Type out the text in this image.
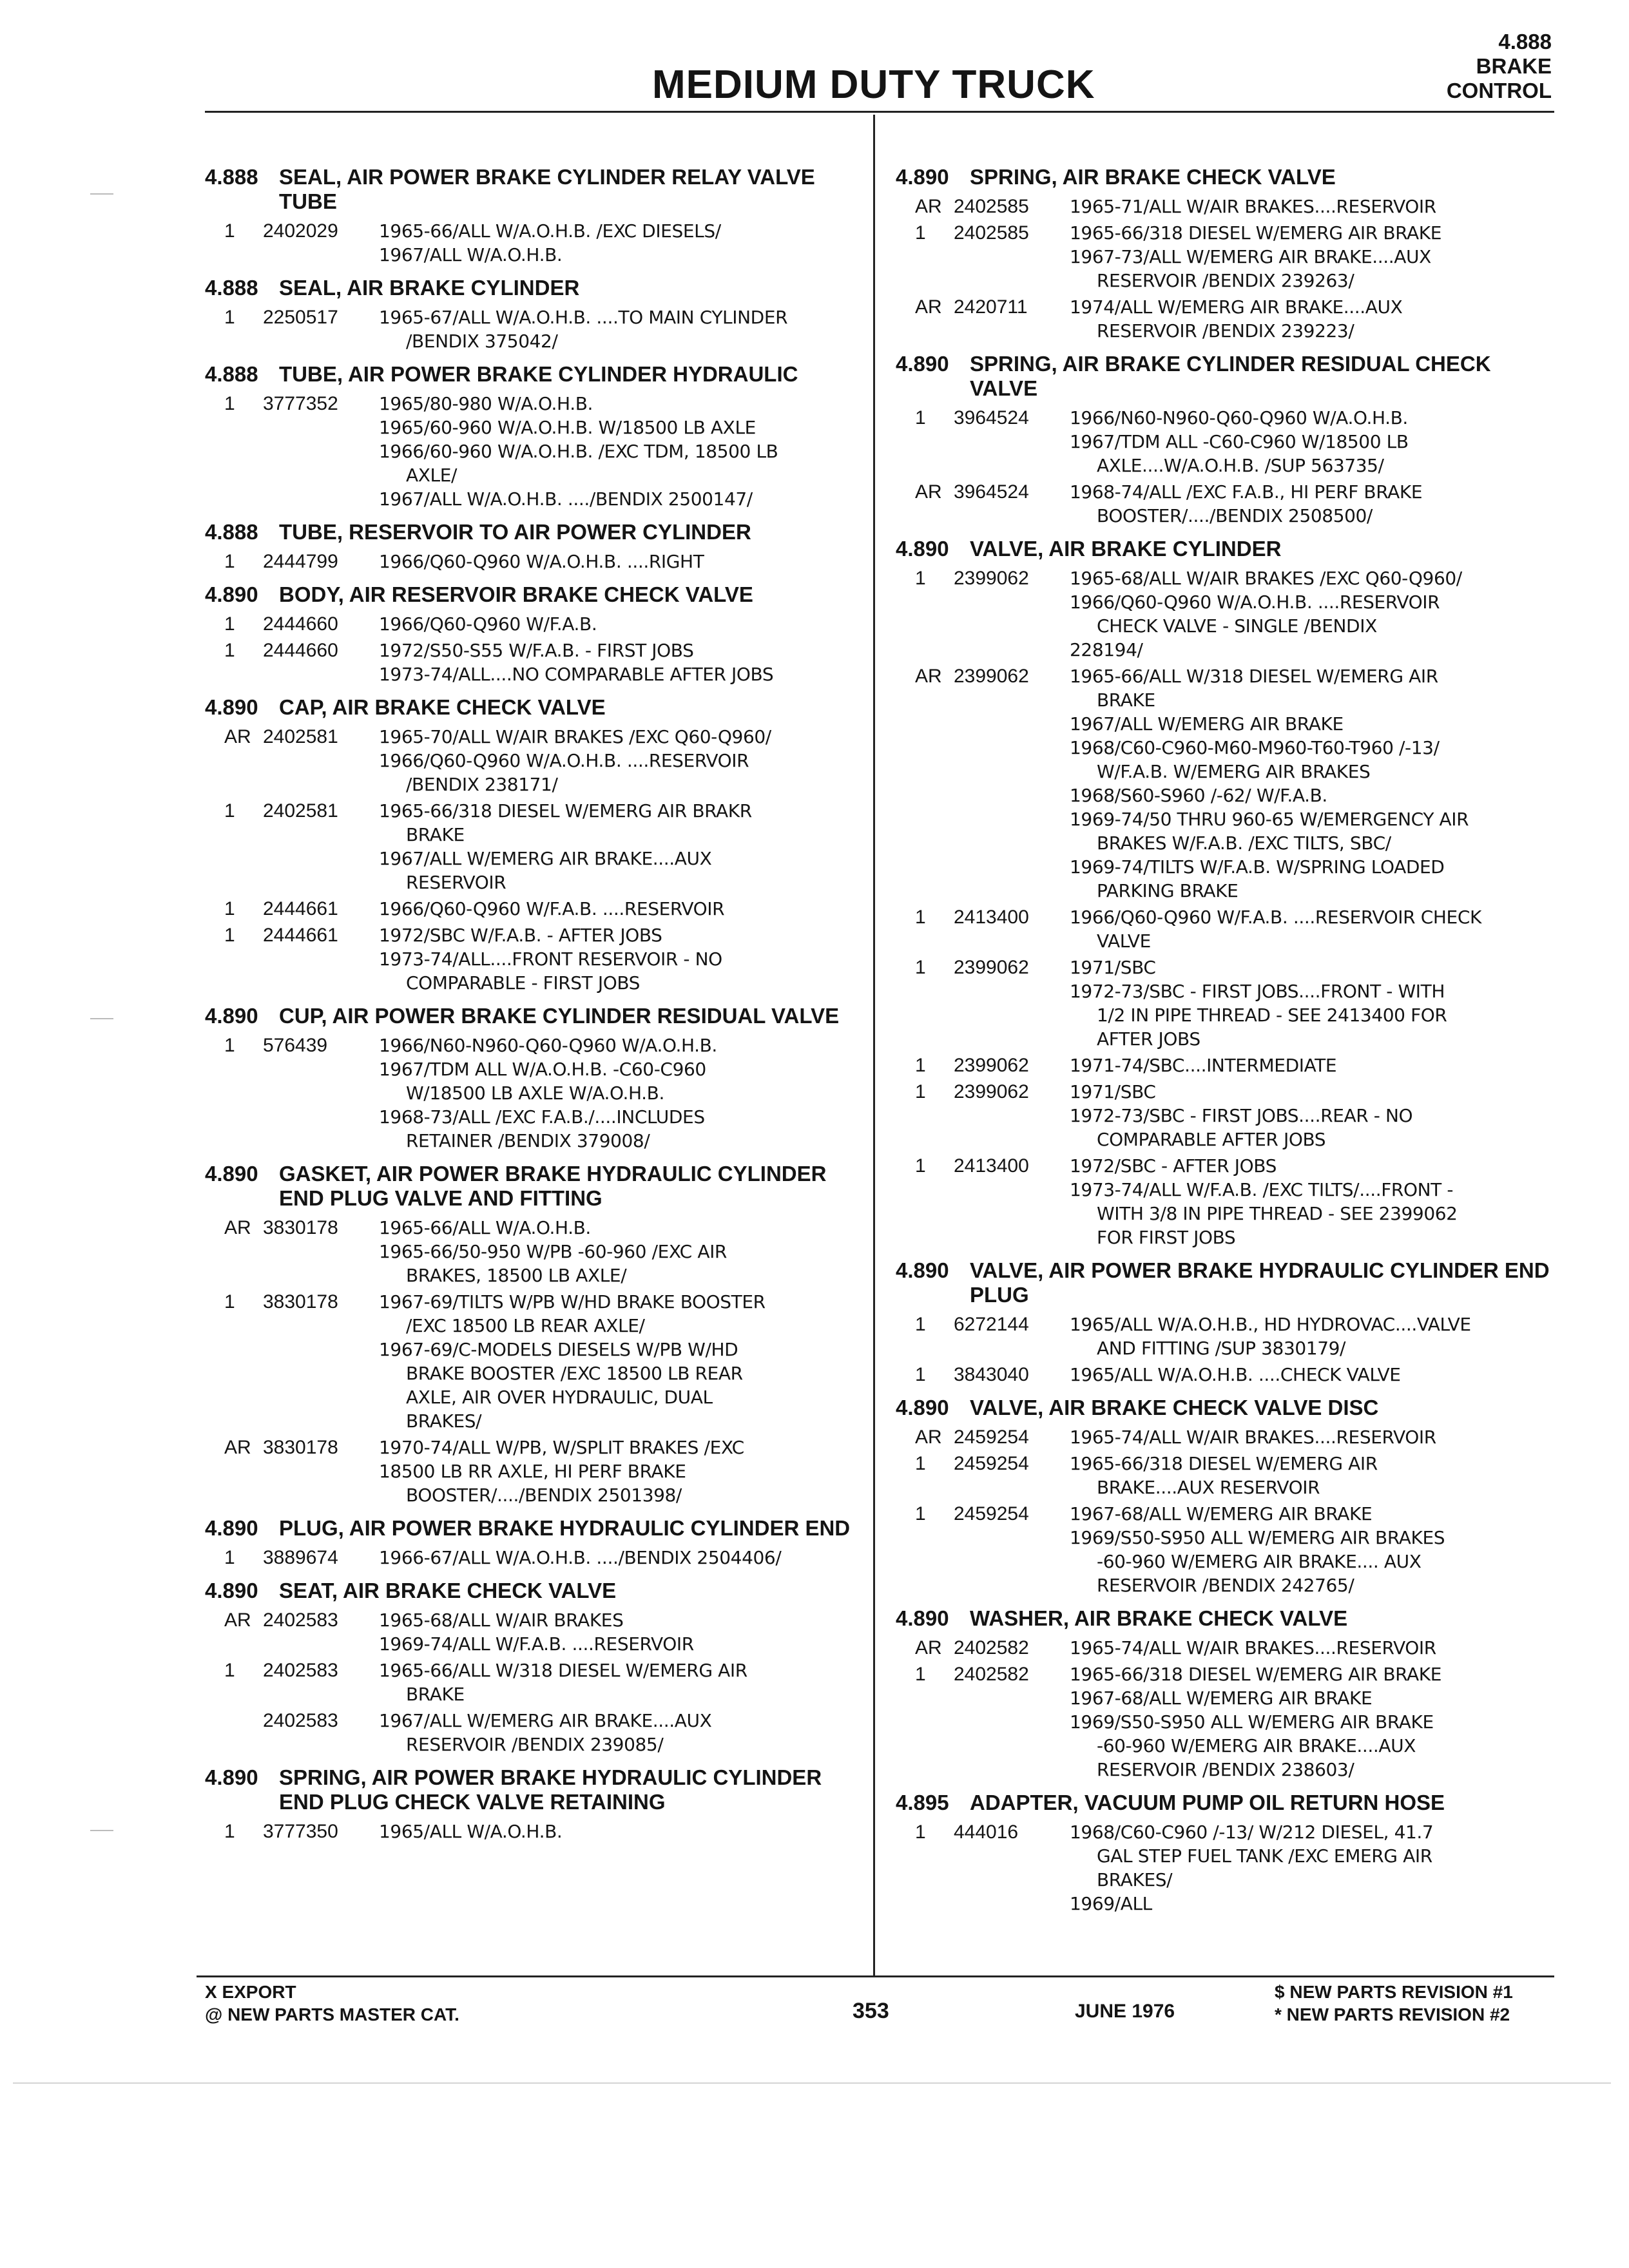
MEDIUM DUTY TRUCK
4.888
BRAKE
CONTROL
4.888 SEAL, AIR POWER BRAKE CYLINDER RELAY VALVE TUBE
1	2402029	1965-66/ALL W/A.O.H.B. /EXC DIESELS/
1967/ALL W/A.O.H.B.
4.888 SEAL, AIR BRAKE CYLINDER
1	2250517	1965-67/ALL W/A.O.H.B. ....TO MAIN CYLINDER
/BENDIX 375042/
4.888 TUBE, AIR POWER BRAKE CYLINDER HYDRAULIC
1	3777352	1965/80-980 W/A.O.H.B.
1965/60-960 W/A.O.H.B. W/18500 LB AXLE
1966/60-960 W/A.O.H.B. /EXC TDM, 18500 LB
AXLE/
1967/ALL W/A.O.H.B. ..../BENDIX 2500147/
4.888 TUBE, RESERVOIR TO AIR POWER CYLINDER
1	2444799	1966/Q60-Q960 W/A.O.H.B. ....RIGHT
4.890 BODY, AIR RESERVOIR BRAKE CHECK VALVE
1	2444660	1966/Q60-Q960 W/F.A.B.
1	2444660	1972/S50-S55 W/F.A.B. - FIRST JOBS
1973-74/ALL....NO COMPARABLE AFTER JOBS
4.890 CAP, AIR BRAKE CHECK VALVE
AR 2402581	1965-70/ALL W/AIR BRAKES /EXC Q60-Q960/
1966/Q60-Q960 W/A.O.H.B. ....RESERVOIR
/BENDIX 238171/
1	2402581	1965-66/318 DIESEL W/EMERG AIR BRAKR
BRAKE
1967/ALL W/EMERG AIR BRAKE....AUX
RESERVOIR
1	2444661	1966/Q60-Q960 W/F.A.B. ....RESERVOIR
1	2444661	1972/SBC W/F.A.B. - AFTER JOBS
1973-74/ALL....FRONT RESERVOIR - NO
COMPARABLE - FIRST JOBS
4.890 CUP, AIR POWER BRAKE CYLINDER RESIDUAL VALVE
1	576439	1966/N60-N960-Q60-Q960 W/A.O.H.B.
1967/TDM ALL W/A.O.H.B. -C60-C960
W/18500 LB AXLE W/A.O.H.B.
1968-73/ALL /EXC F.A.B./....INCLUDES
RETAINER /BENDIX 379008/
4.890 GASKET, AIR POWER BRAKE HYDRAULIC CYLINDER END PLUG VALVE AND FITTING
AR 3830178	1965-66/ALL W/A.O.H.B.
1965-66/50-950 W/PB -60-960 /EXC AIR
BRAKES, 18500 LB AXLE/
1	3830178	1967-69/TILTS W/PB W/HD BRAKE BOOSTER
/EXC 18500 LB REAR AXLE/
1967-69/C-MODELS DIESELS W/PB W/HD
BRAKE BOOSTER /EXC 18500 LB REAR
AXLE, AIR OVER HYDRAULIC, DUAL
BRAKES/
AR 3830178	1970-74/ALL W/PB, W/SPLIT BRAKES /EXC
18500 LB RR AXLE, HI PERF BRAKE
BOOSTER/..../BENDIX 2501398/
4.890 PLUG, AIR POWER BRAKE HYDRAULIC CYLINDER END
1	3889674	1966-67/ALL W/A.O.H.B. ..../BENDIX 2504406/
4.890 SEAT, AIR BRAKE CHECK VALVE
AR 2402583	1965-68/ALL W/AIR BRAKES
1969-74/ALL W/F.A.B. ....RESERVOIR
1	2402583	1965-66/ALL W/318 DIESEL W/EMERG AIR
BRAKE
2402583	1967/ALL W/EMERG AIR BRAKE....AUX
RESERVOIR /BENDIX 239085/
4.890 SPRING, AIR POWER BRAKE HYDRAULIC CYLINDER END PLUG CHECK VALVE RETAINING
1	3777350	1965/ALL W/A.O.H.B.
4.890 SPRING, AIR BRAKE CHECK VALVE
AR 2402585	1965-71/ALL W/AIR BRAKES....RESERVOIR
1	2402585	1965-66/318 DIESEL W/EMERG AIR BRAKE
1967-73/ALL W/EMERG AIR BRAKE....AUX
RESERVOIR /BENDIX 239263/
AR 2420711	1974/ALL W/EMERG AIR BRAKE....AUX
RESERVOIR /BENDIX 239223/
4.890 SPRING, AIR BRAKE CYLINDER RESIDUAL CHECK VALVE
1	3964524	1966/N60-N960-Q60-Q960 W/A.O.H.B.
1967/TDM ALL -C60-C960 W/18500 LB
AXLE....W/A.O.H.B. /SUP 563735/
AR 3964524	1968-74/ALL /EXC F.A.B., HI PERF BRAKE
BOOSTER/..../BENDIX 2508500/
4.890 VALVE, AIR BRAKE CYLINDER
1	2399062	1965-68/ALL W/AIR BRAKES /EXC Q60-Q960/
1966/Q60-Q960 W/A.O.H.B. ....RESERVOIR
CHECK VALVE - SINGLE /BENDIX
228194/
AR 2399062	1965-66/ALL W/318 DIESEL W/EMERG AIR
BRAKE
1967/ALL W/EMERG AIR BRAKE
1968/C60-C960-M60-M960-T60-T960 /-13/
W/F.A.B. W/EMERG AIR BRAKES
1968/S60-S960 /-62/ W/F.A.B.
1969-74/50 THRU 960-65 W/EMERGENCY AIR
BRAKES W/F.A.B. /EXC TILTS, SBC/
1969-74/TILTS W/F.A.B. W/SPRING LOADED
PARKING BRAKE
1	2413400	1966/Q60-Q960 W/F.A.B. ....RESERVOIR CHECK
VALVE
1	2399062	1971/SBC
1972-73/SBC - FIRST JOBS....FRONT - WITH
1/2 IN PIPE THREAD - SEE 2413400 FOR
AFTER JOBS
1	2399062	1971-74/SBC....INTERMEDIATE
1	2399062	1971/SBC
1972-73/SBC - FIRST JOBS....REAR - NO
COMPARABLE AFTER JOBS
1	2413400	1972/SBC - AFTER JOBS
1973-74/ALL W/F.A.B. /EXC TILTS/....FRONT -
WITH 3/8 IN PIPE THREAD - SEE 2399062
FOR FIRST JOBS
4.890 VALVE, AIR POWER BRAKE HYDRAULIC CYLINDER END PLUG
1	6272144	1965/ALL W/A.O.H.B., HD HYDROVAC....VALVE
AND FITTING /SUP 3830179/
1	3843040	1965/ALL W/A.O.H.B. ....CHECK VALVE
4.890 VALVE, AIR BRAKE CHECK VALVE DISC
AR 2459254	1965-74/ALL W/AIR BRAKES....RESERVOIR
1	2459254	1965-66/318 DIESEL W/EMERG AIR
BRAKE....AUX RESERVOIR
1	2459254	1967-68/ALL W/EMERG AIR BRAKE
1969/S50-S950 ALL W/EMERG AIR BRAKES
-60-960 W/EMERG AIR BRAKE.... AUX
RESERVOIR /BENDIX 242765/
4.890 WASHER, AIR BRAKE CHECK VALVE
AR 2402582	1965-74/ALL W/AIR BRAKES....RESERVOIR
1	2402582	1965-66/318 DIESEL W/EMERG AIR BRAKE
1967-68/ALL W/EMERG AIR BRAKE
1969/S50-S950 ALL W/EMERG AIR BRAKE
-60-960 W/EMERG AIR BRAKE....AUX
RESERVOIR /BENDIX 238603/
4.895 ADAPTER, VACUUM PUMP OIL RETURN HOSE
1	444016	1968/C60-C960 /-13/ W/212 DIESEL, 41.7
GAL STEP FUEL TANK /EXC EMERG AIR
BRAKES/
1969/ALL
X EXPORT
@ NEW PARTS MASTER CAT.	353	JUNE 1976
$ NEW PARTS REVISION #1
* NEW PARTS REVISION #2
